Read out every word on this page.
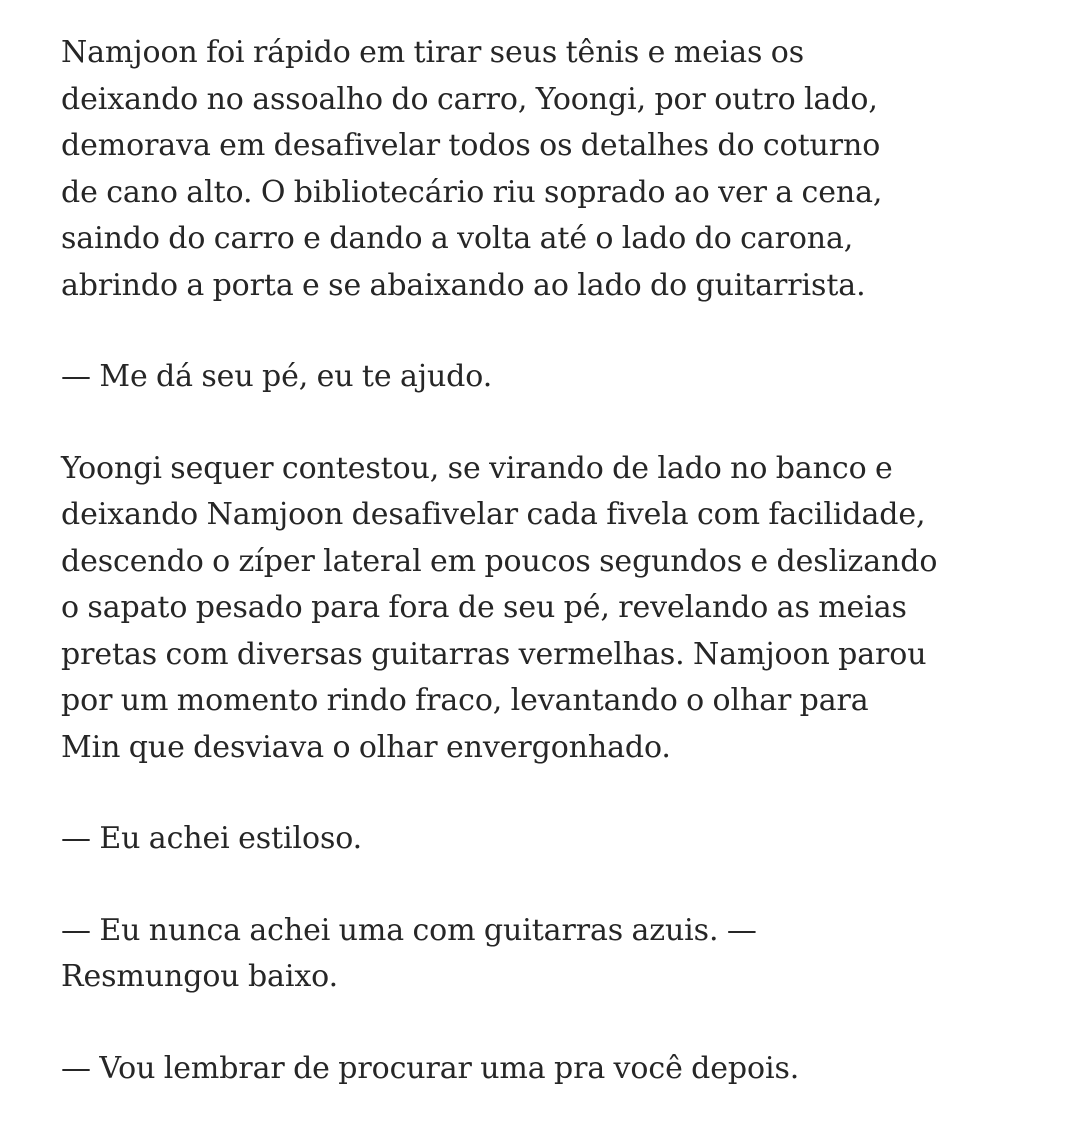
Namjoon foi rápido em tirar seus tênis e meias os
deixando no assoalho do carro, Yoongi, por outro lado,
demorava em desafivelar todos os detalhes do coturno
de cano alto. O bibliotecário riu soprado ao ver a cena,
saindo do carro e dando a volta até o lado do carona,
abrindo a porta e se abaixando ao lado do guitarrista.

— Me dá seu pé, eu te ajudo.

Yoongi sequer contestou, se virando de lado no banco e
deixando Namjoon desafivelar cada fivela com facilidade,
descendo o zíper lateral em poucos segundos e deslizando
o sapato pesado para fora de seu pé, revelando as meias
pretas com diversas guitarras vermelhas. Namjoon parou
por um momento rindo fraco, levantando o olhar para
Min que desviava o olhar envergonhado.

— Eu achei estiloso.

— Eu nunca achei uma com guitarras azuis. —
Resmungou baixo.

— Vou lembrar de procurar uma pra você depois.
